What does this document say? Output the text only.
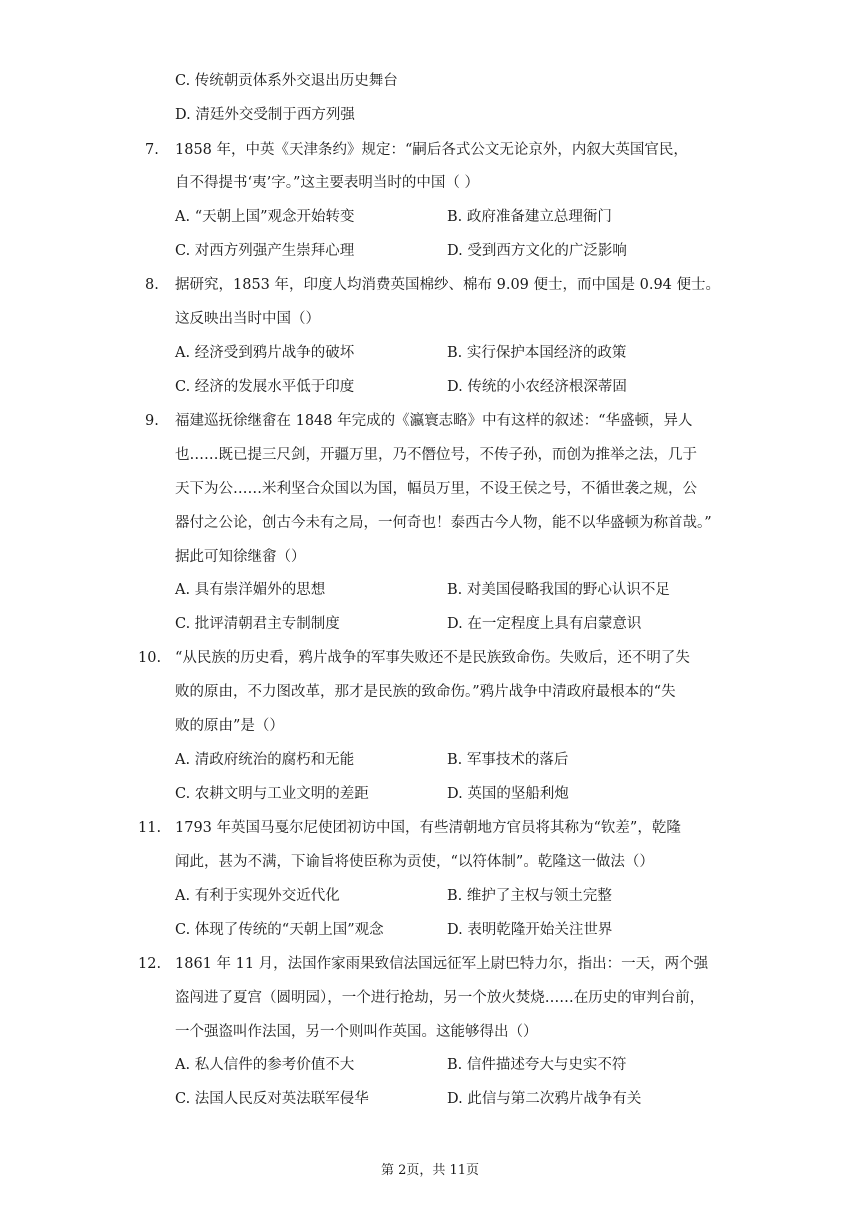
C. 传统朝贡体系外交退出历史舞台
D. 清廷外交受制于西方列强
7. 1858 年，中英《天津条约》规定：“嗣后各式公文无论京外，内叙大英国官民，
自不得提书‘夷’字。”这主要表明当时的中国（ ）
A. “天朝上国”观念开始转变	B. 政府准备建立总理衙门
C. 对西方列强产生崇拜心理	D. 受到西方文化的广泛影响
8. 据研究，1853 年，印度人均消费英国棉纱、棉布 9.09 便士，而中国是 0.94 便士。
这反映出当时中国（）
A. 经济受到鸦片战争的破坏	B. 实行保护本国经济的政策
C. 经济的发展水平低于印度	D. 传统的小农经济根深蒂固
9. 福建巡抚徐继畲在 1848 年完成的《瀛寰志略》中有这样的叙述：“华盛顿，异人
也……既已提三尺剑，开疆万里，乃不僭位号，不传子孙，而创为推举之法，几于
天下为公……米利坚合众国以为国，幅员万里，不设王侯之号，不循世袭之规，公
器付之公论，创古今未有之局，一何奇也！泰西古今人物，能不以华盛顿为称首哉。”
据此可知徐继畲（）
A. 具有崇洋媚外的思想	B. 对美国侵略我国的野心认识不足
C. 批评清朝君主专制制度	D. 在一定程度上具有启蒙意识
10. “从民族的历史看，鸦片战争的军事失败还不是民族致命伤。失败后，还不明了失
败的原由，不力图改革，那才是民族的致命伤。”鸦片战争中清政府最根本的“失
败的原由”是（）
A. 清政府统治的腐朽和无能	B. 军事技术的落后
C. 农耕文明与工业文明的差距	D. 英国的坚船利炮
11. 1793 年英国马戛尔尼使团初访中国，有些清朝地方官员将其称为“钦差”，乾隆
闻此，甚为不满，下谕旨将使臣称为贡使，“以符体制”。乾隆这一做法（）
A. 有利于实现外交近代化	B. 维护了主权与领土完整
C. 体现了传统的“天朝上国”观念	D. 表明乾隆开始关注世界
12. 1861 年 11 月，法国作家雨果致信法国远征军上尉巴特力尔，指出：一天，两个强
盗闯进了夏宫（圆明园），一个进行抢劫，另一个放火焚烧……在历史的审判台前，
一个强盗叫作法国，另一个则叫作英国。这能够得出（）
A. 私人信件的参考价值不大	B. 信件描述夸大与史实不符
C. 法国人民反对英法联军侵华	D. 此信与第二次鸦片战争有关
第 2页，共 11页
